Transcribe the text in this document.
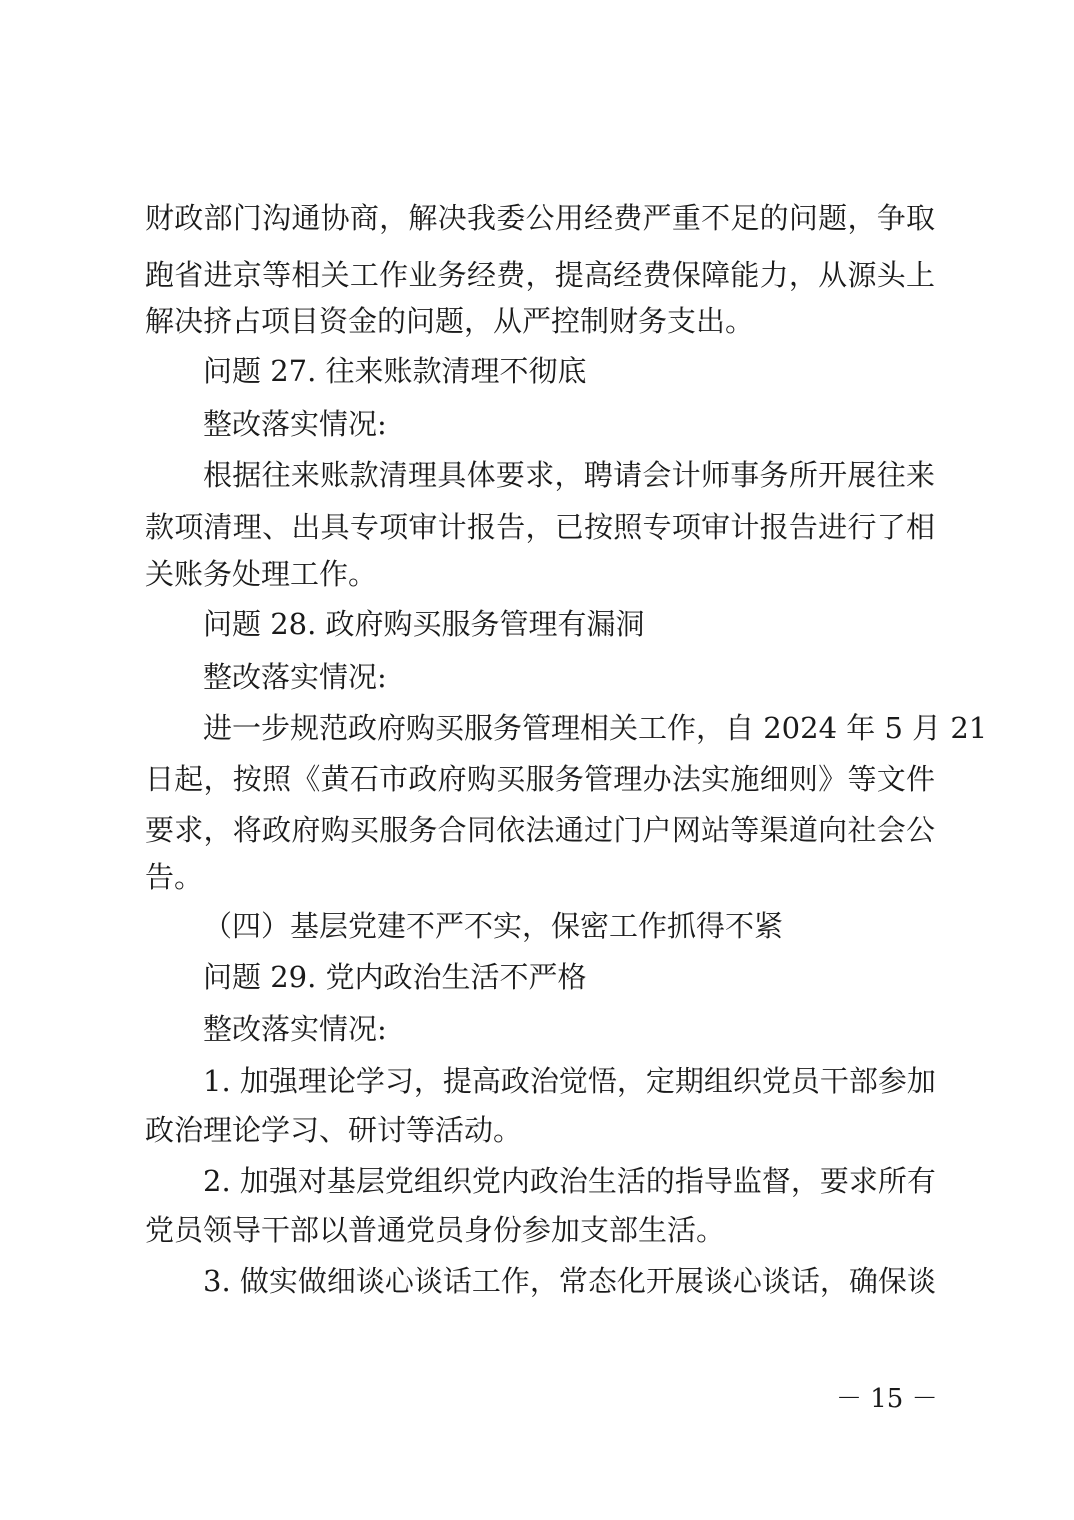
财政部门沟通协商，解决我委公用经费严重不足的问题，争取
跑省进京等相关工作业务经费，提高经费保障能力，从源头上
解决挤占项目资金的问题，从严控制财务支出。
问题 27. 往来账款清理不彻底
整改落实情况:
根据往来账款清理具体要求，聘请会计师事务所开展往来
款项清理、出具专项审计报告，已按照专项审计报告进行了相
关账务处理工作。
问题 28. 政府购买服务管理有漏洞
整改落实情况:
进一步规范政府购买服务管理相关工作，自 2024 年 5 月 21
日起，按照《黄石市政府购买服务管理办法实施细则》等文件
要求，将政府购买服务合同依法通过门户网站等渠道向社会公
告。
（四）基层党建不严不实，保密工作抓得不紧
问题 29. 党内政治生活不严格
整改落实情况:
1. 加强理论学习，提高政治觉悟，定期组织党员干部参加
政治理论学习、研讨等活动。
2. 加强对基层党组织党内政治生活的指导监督，要求所有
党员领导干部以普通党员身份参加支部生活。
3. 做实做细谈心谈话工作，常态化开展谈心谈话，确保谈
－ 15 －
